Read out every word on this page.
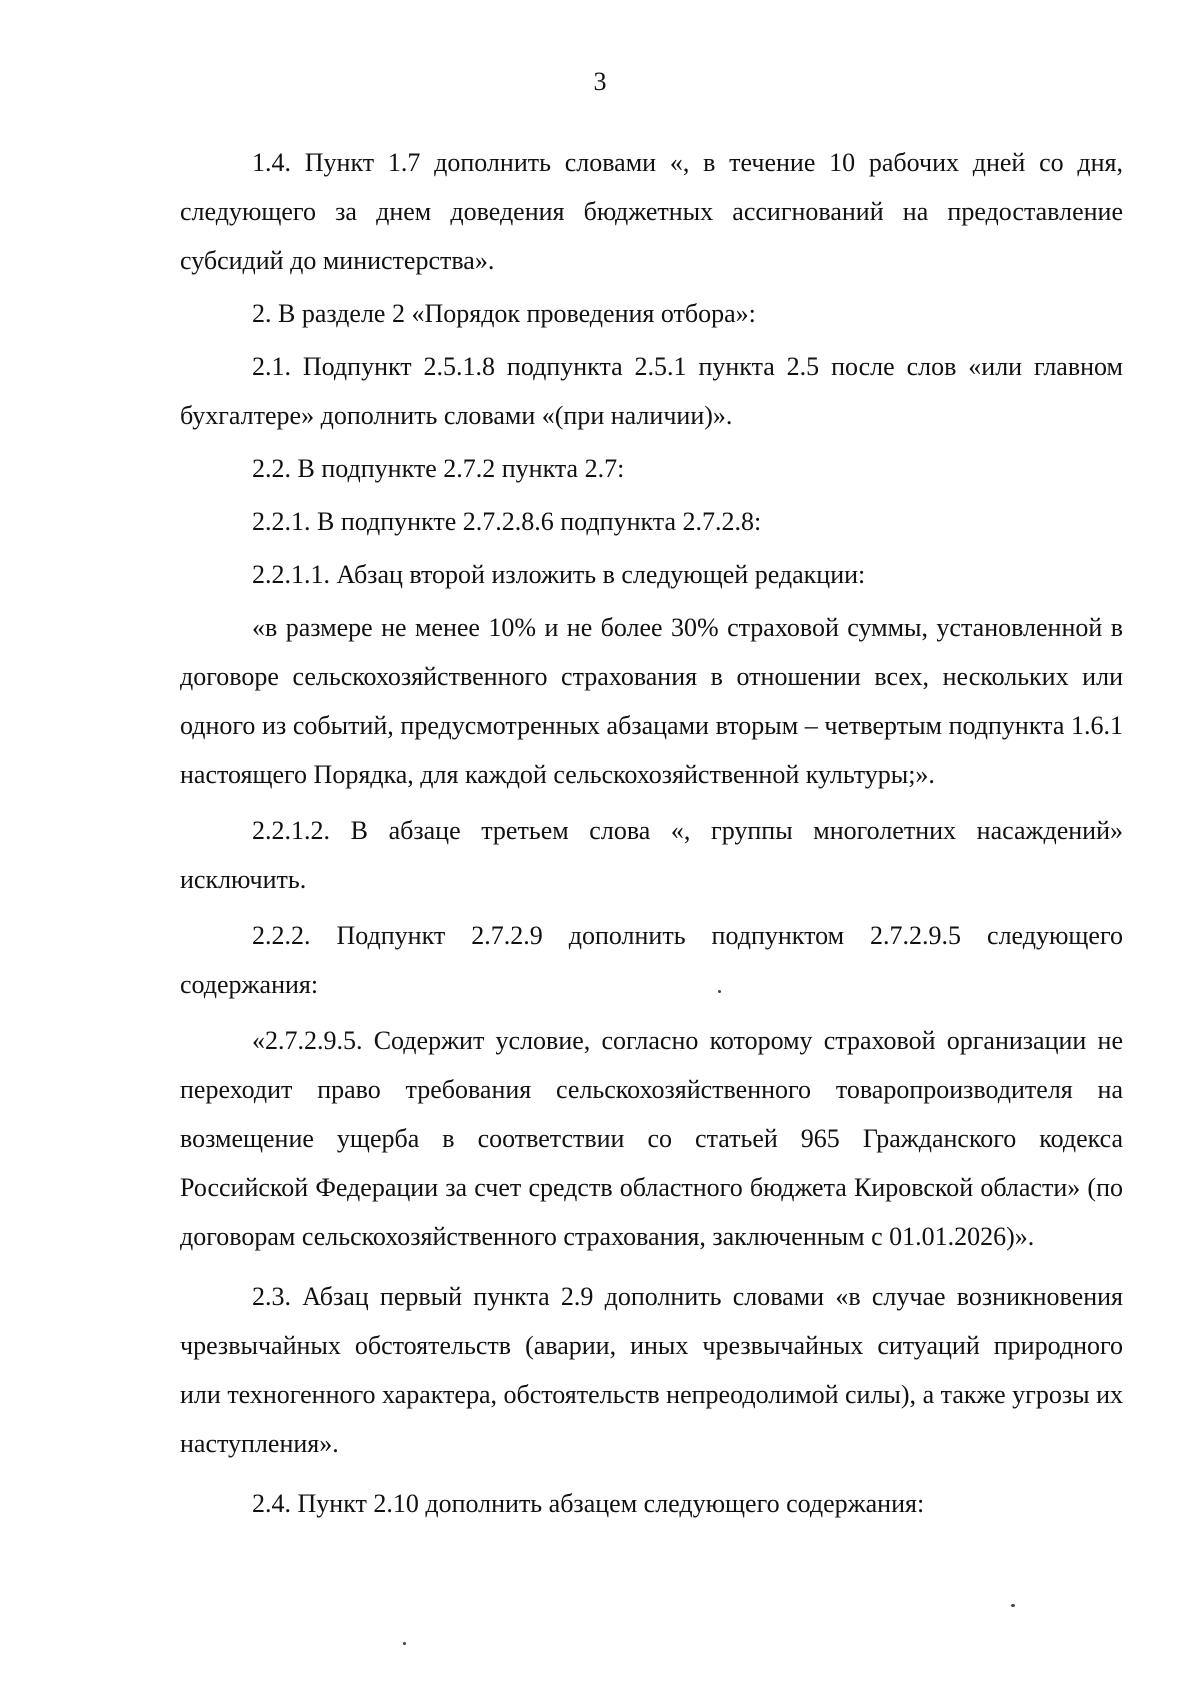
3

1.4. Пункт 1.7 дополнить словами «, в течение 10 рабочих дней со дня, следующего за днем доведения бюджетных ассигнований на предоставление субсидий до министерства».

2. В разделе 2 «Порядок проведения отбора»:

2.1. Подпункт 2.5.1.8 подпункта 2.5.1 пункта 2.5 после слов «или главном бухгалтере» дополнить словами «(при наличии)».

2.2. В подпункте 2.7.2 пункта 2.7:

2.2.1. В подпункте 2.7.2.8.6 подпункта 2.7.2.8:

2.2.1.1. Абзац второй изложить в следующей редакции:

«в размере не менее 10% и не более 30% страховой суммы, установленной в договоре сельскохозяйственного страхования в отношении всех, нескольких или одного из событий, предусмотренных абзацами вторым – четвертым подпункта 1.6.1 настоящего Порядка, для каждой сельскохозяйственной культуры;».

2.2.1.2. В абзаце третьем слова «, группы многолетних насаждений» исключить.

2.2.2. Подпункт 2.7.2.9 дополнить подпунктом 2.7.2.9.5 следующего содержания:

«2.7.2.9.5. Содержит условие, согласно которому страховой организации не переходит право требования сельскохозяйственного товаропроизводителя на возмещение ущерба в соответствии со статьей 965 Гражданского кодекса Российской Федерации за счет средств областного бюджета Кировской области» (по договорам сельскохозяйственного страхования, заключенным с 01.01.2026)».

2.3. Абзац первый пункта 2.9 дополнить словами «в случае возникновения чрезвычайных обстоятельств (аварии, иных чрезвычайных ситуаций природного или техногенного характера, обстоятельств непреодолимой силы), а также угрозы их наступления».

2.4. Пункт 2.10 дополнить абзацем следующего содержания:
